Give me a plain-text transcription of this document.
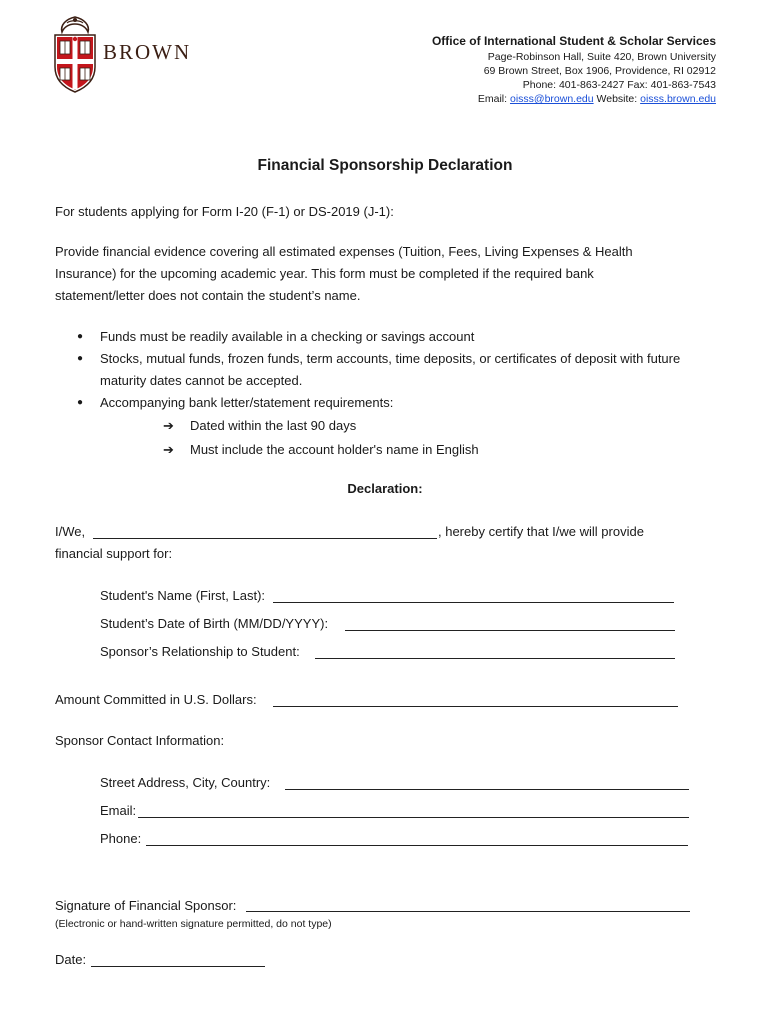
BROWN	Office of International Student & Scholar Services
Page-Robinson Hall, Suite 420, Brown University
69 Brown Street, Box 1906, Providence, RI 02912
Phone: 401-863-2427 Fax: 401-863-7543
Email: oisss@brown.edu Website: oisss.brown.edu
Financial Sponsorship Declaration
For students applying for Form I-20 (F-1) or DS-2019 (J-1):
Provide financial evidence covering all estimated expenses (Tuition, Fees, Living Expenses & Health Insurance) for the upcoming academic year. This form must be completed if the required bank statement/letter does not contain the student’s name.
● Funds must be readily available in a checking or savings account
● Stocks, mutual funds, frozen funds, term accounts, time deposits, or certificates of deposit with future maturity dates cannot be accepted.
● Accompanying bank letter/statement requirements:
➔ Dated within the last 90 days
➔ Must include the account holder's name in English
Declaration:
I/We,	, hereby certify that I/we will provide
financial support for:
Student's Name (First, Last):
Student’s Date of Birth (MM/DD/YYYY):
Sponsor’s Relationship to Student:
Amount Committed in U.S. Dollars:
Sponsor Contact Information:
Street Address, City, Country:
Email:
Phone:
Signature of Financial Sponsor:
(Electronic or hand-written signature permitted, do not type)
Date:
